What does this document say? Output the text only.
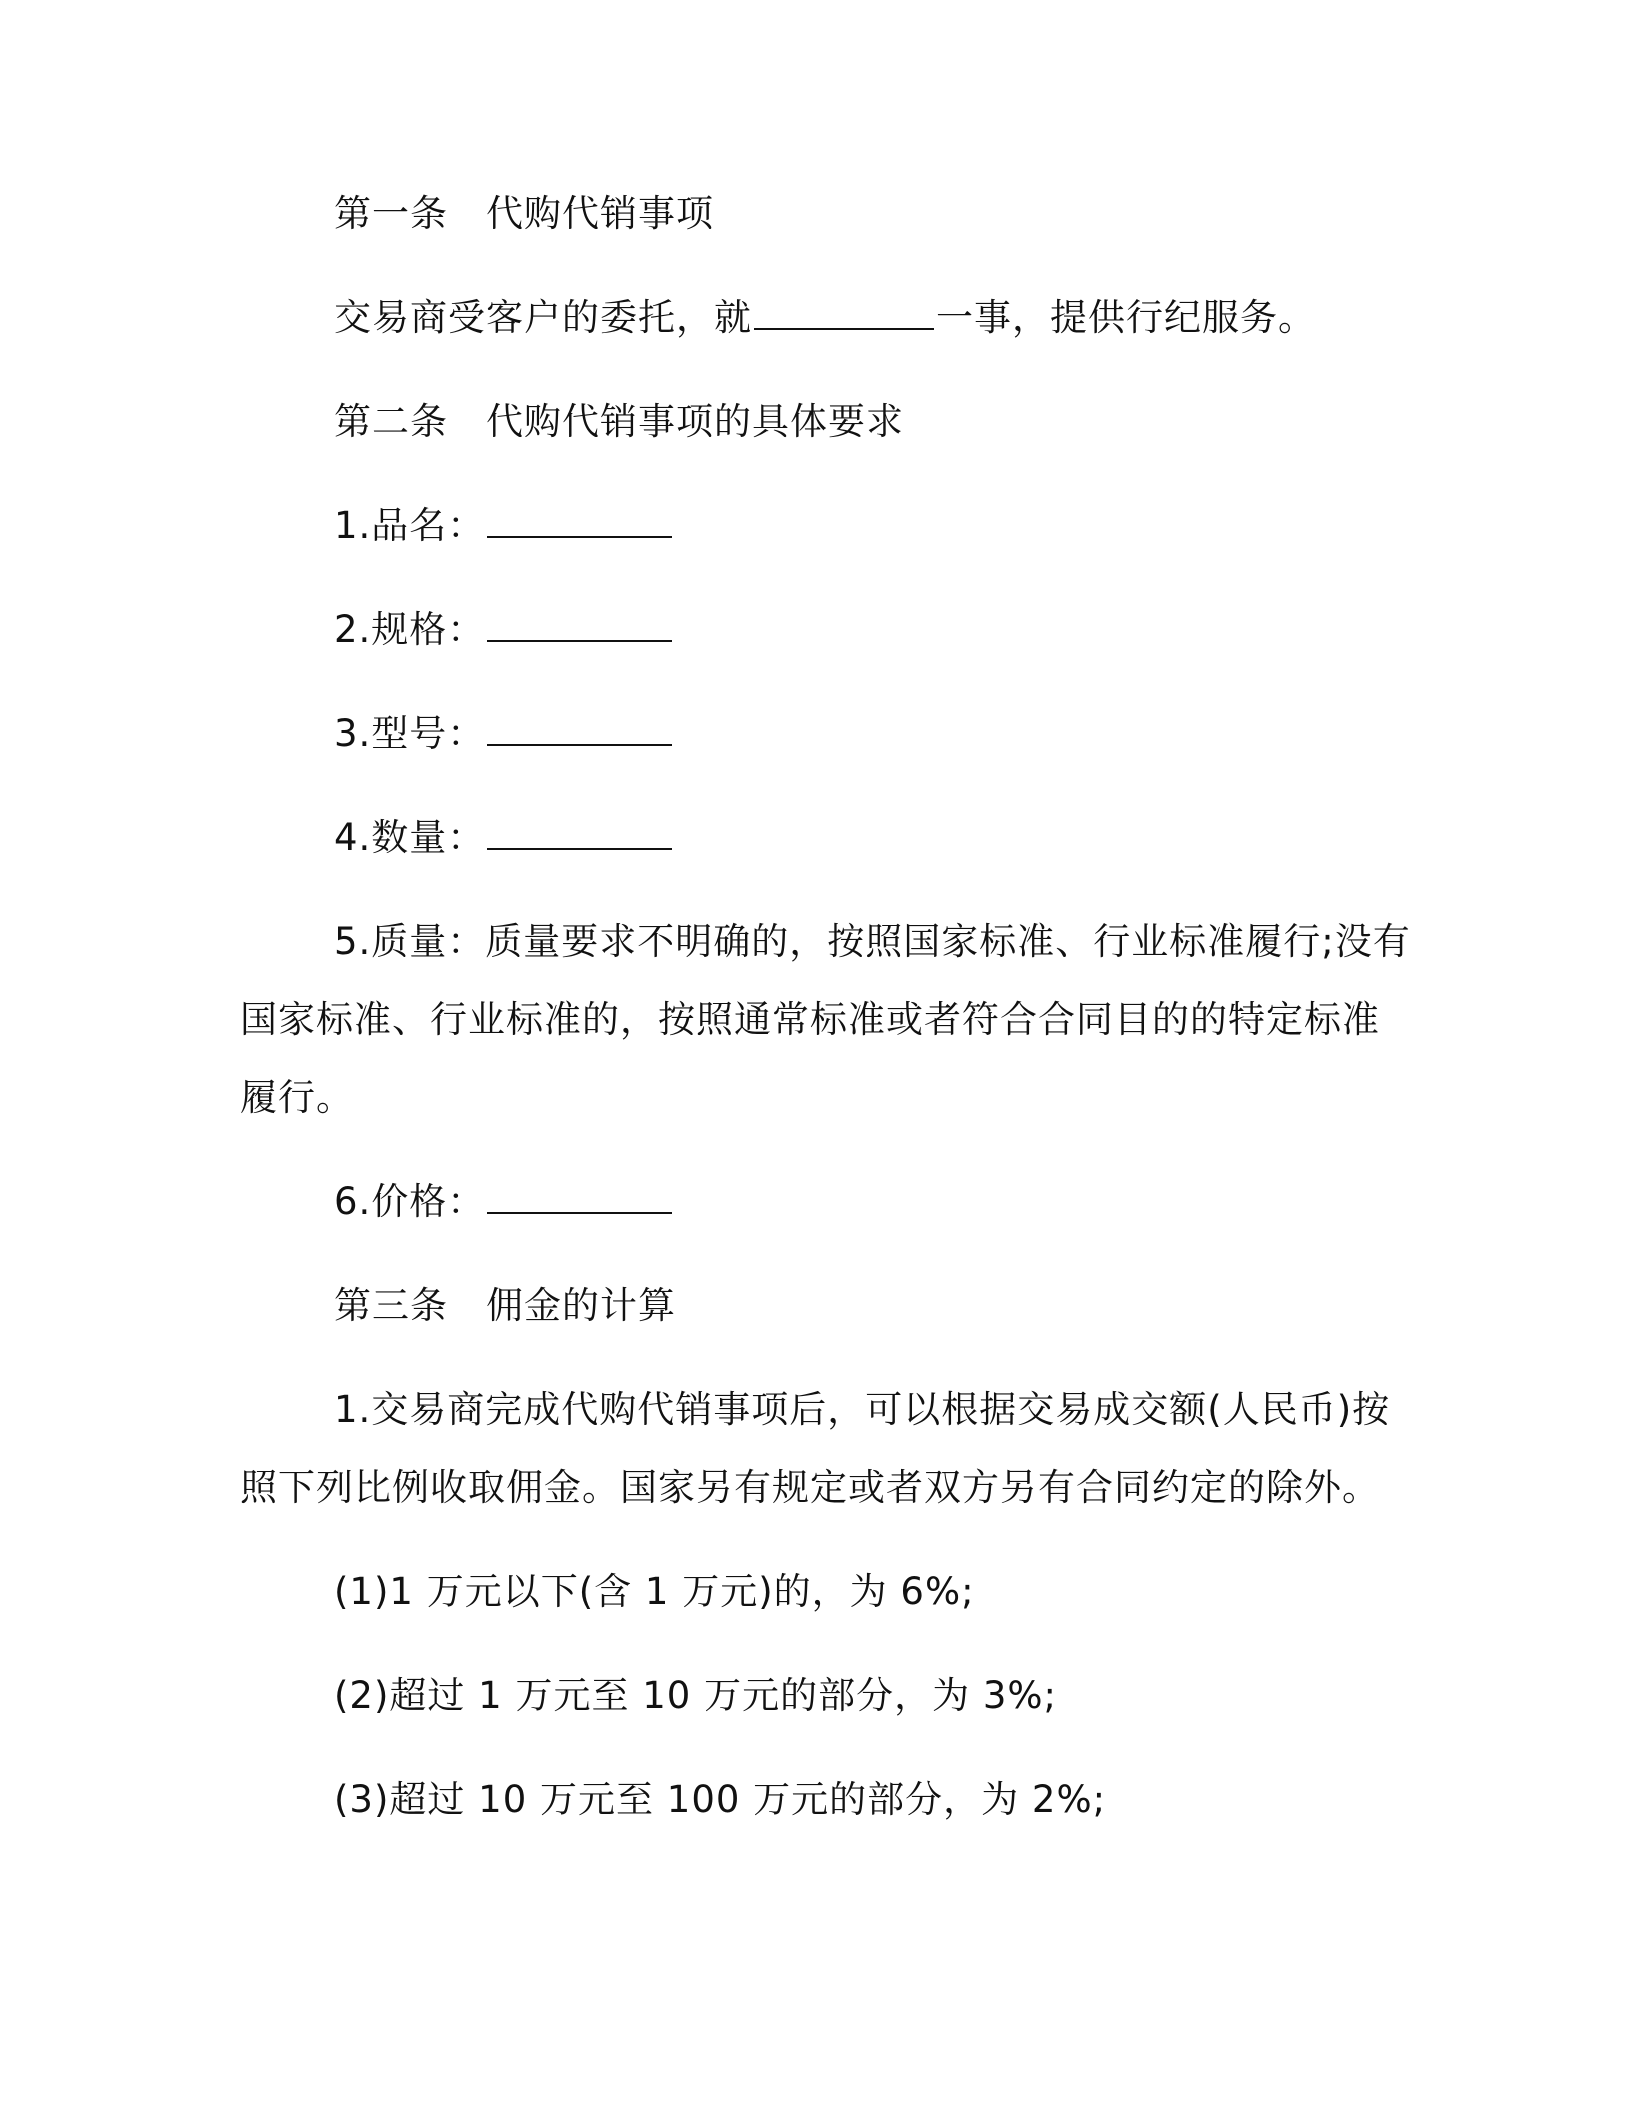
第一条　代购代销事项
交易商受客户的委托，就	一事，提供行纪服务。
第二条　代购代销事项的具体要求
1.品名：
2.规格：
3.型号：
4.数量：
5.质量：质量要求不明确的，按照国家标准、行业标准履行;没有
国家标准、行业标准的，按照通常标准或者符合合同目的的特定标准
履行。
6.价格：
第三条　佣金的计算
1.交易商完成代购代销事项后，可以根据交易成交额(人民币)按
照下列比例收取佣金。国家另有规定或者双方另有合同约定的除外。
(1)1 万元以下(含 1 万元)的，为 6%;
(2)超过 1 万元至 10 万元的部分，为 3%;
(3)超过 10 万元至 100 万元的部分，为 2%;
